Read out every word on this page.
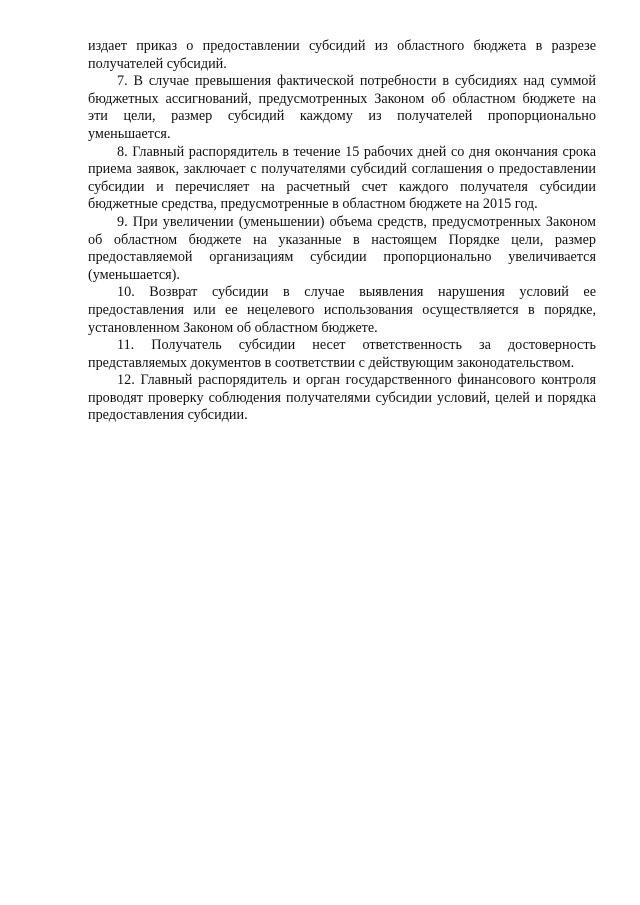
издает приказ о предоставлении субсидий из областного бюджета в разрезе получателей субсидий.

7. В случае превышения фактической потребности в субсидиях над суммой бюджетных ассигнований, предусмотренных Законом об областном бюджете на эти цели, размер субсидий каждому из получателей пропорционально уменьшается.

8. Главный распорядитель в течение 15 рабочих дней со дня окончания срока приема заявок, заключает с получателями субсидий соглашения о предоставлении субсидии и перечисляет на расчетный счет каждого получателя субсидии бюджетные средства, предусмотренные в областном бюджете на 2015 год.

9. При увеличении (уменьшении) объема средств, предусмотренных Законом об областном бюджете на указанные в настоящем Порядке цели, размер предоставляемой организациям субсидии пропорционально увеличивается (уменьшается).

10. Возврат субсидии в случае выявления нарушения условий ее предоставления или ее нецелевого использования осуществляется в порядке, установленном Законом об областном бюджете.

11. Получатель субсидии несет ответственность за достоверность представляемых документов в соответствии с действующим законодательством.

12. Главный распорядитель и орган государственного финансового контроля проводят проверку соблюдения получателями субсидии условий, целей и порядка предоставления субсидии.
